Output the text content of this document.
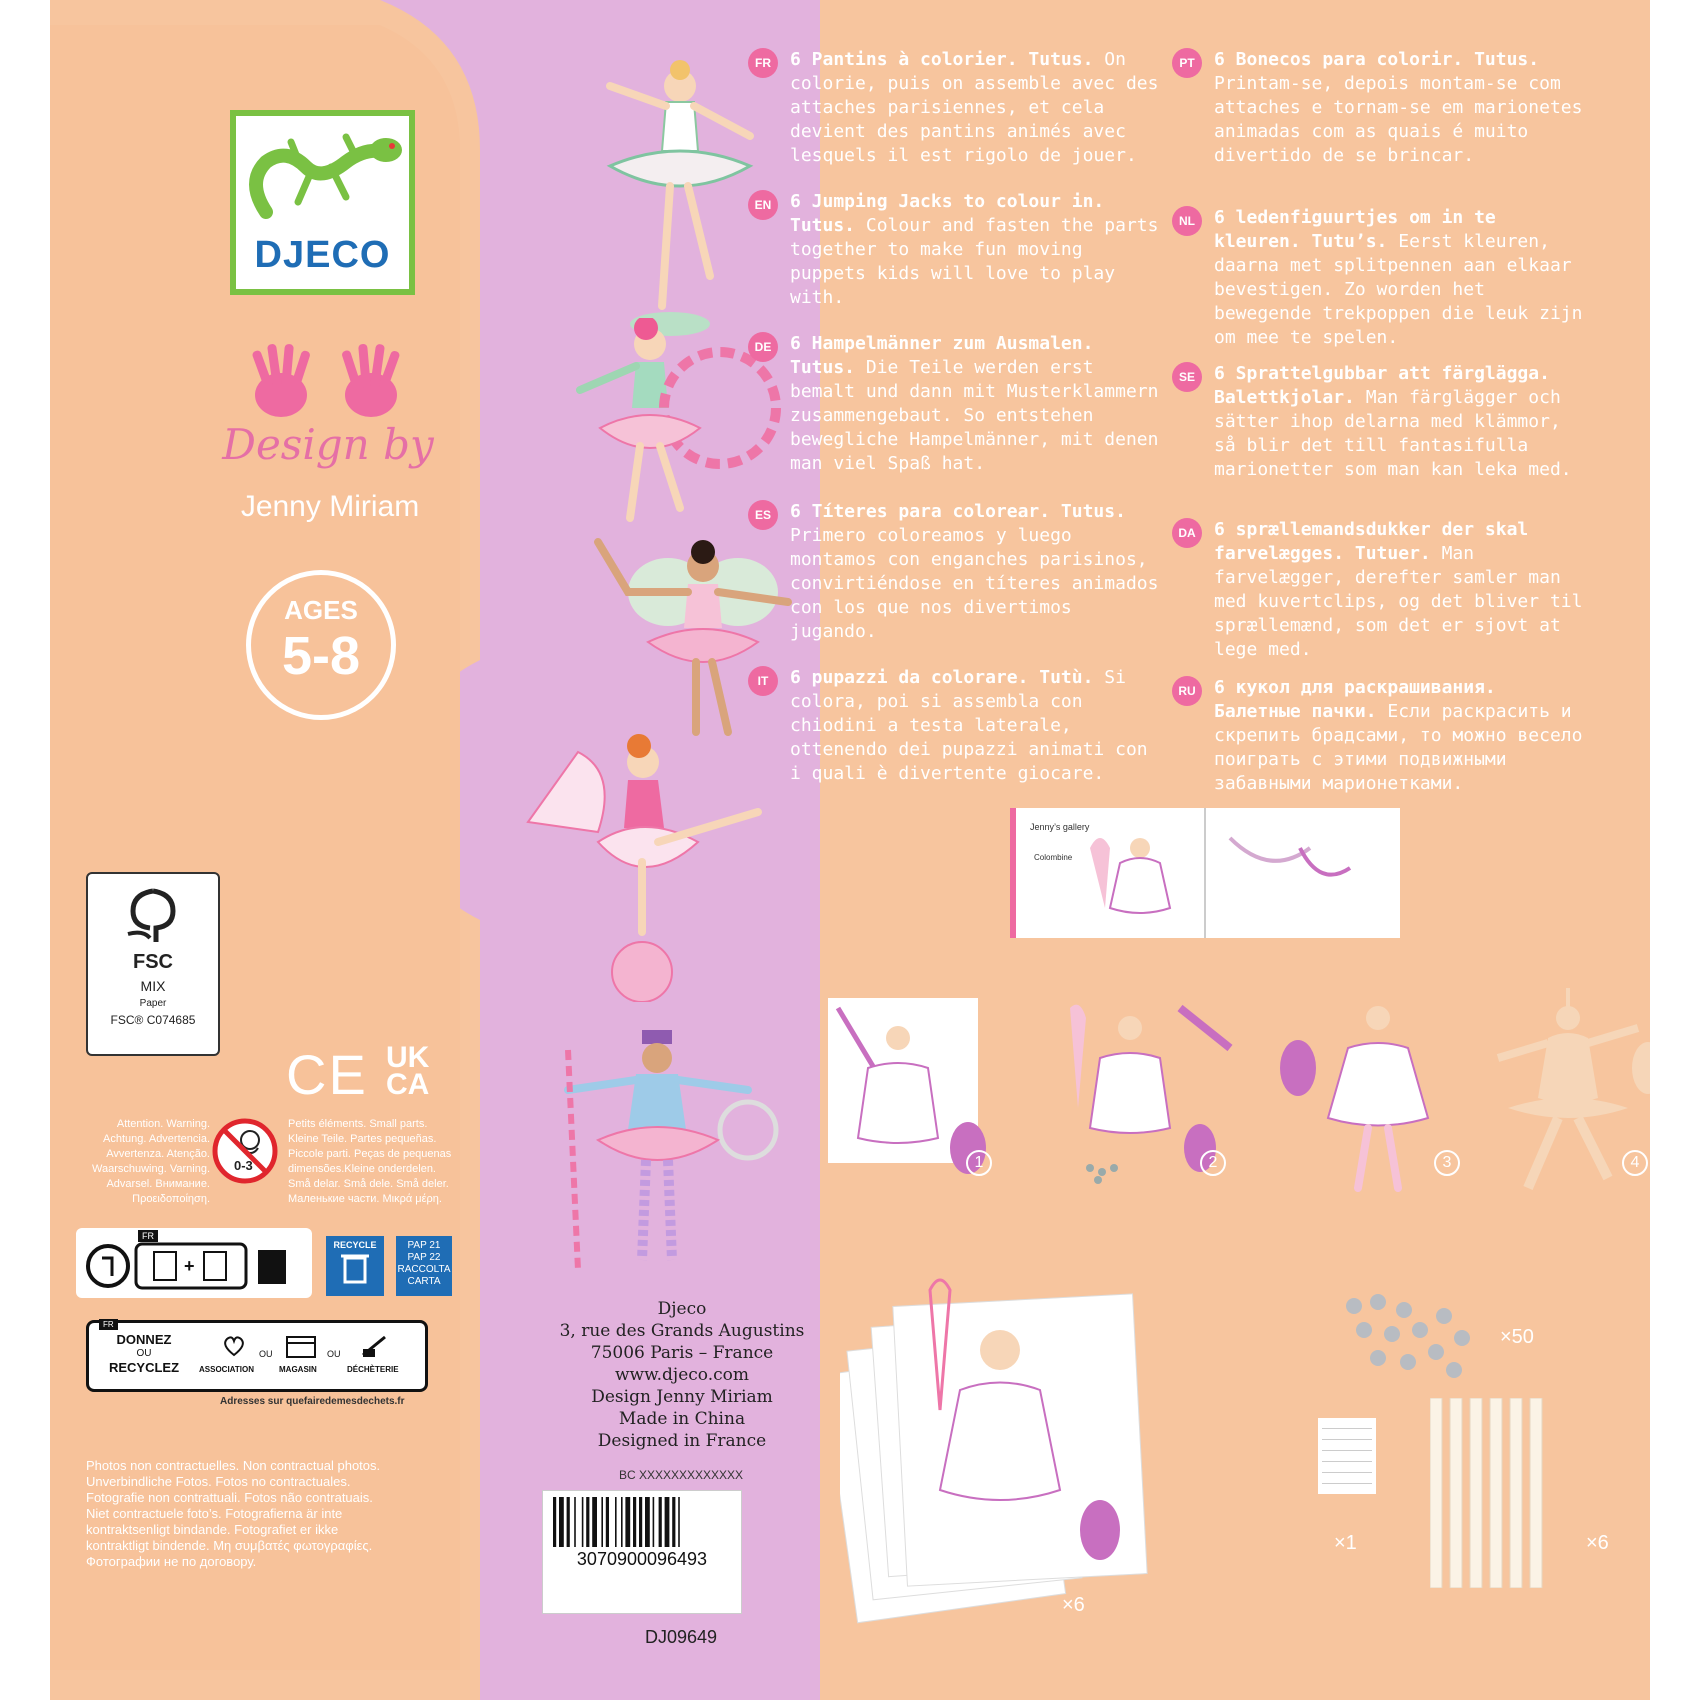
DJECO
Design by
Jenny Miriam
AGES
5-8
FSC
MIX
Paper
FSC® C074685
CE UK
CA
Attention. Warning.
Achtung. Advertencia.
Avvertenza. Atenção.
Waarschuwing. Varning.
Advarsel. Внимание.
Προειδοποίηση.
0-3
Petits éléments. Small parts.
Kleine Teile. Partes pequeñas.
Piccole parti. Peças de pequenas
dimensões.Kleine onderdelen.
Små delar. Små dele. Små deler.
Маленькие части. Μικρά μέρη.
FR
+
RECYCLE	PAP 21
PAP 22
RACCOLTA
CARTA
FR
DONNEZ
OU
RECYCLEZ
OU	OU
ASSOCIATION	MAGASIN	DÉCHÈTERIE
Adresses sur quefairedemesdechets.fr
Photos non contractuelles. Non contractual photos.
Unverbindliche Fotos. Fotos no contractuales.
Fotografie non contrattuali. Fotos não contratuais.
Niet contractuele foto’s. Fotografierna är inte
kontraktsenligt bindande. Fotografiet er ikke
kontraktligt bindende. Μη συμβατές φωτογραφίες.
Фотографии не по договору.
Djeco
3, rue des Grands Augustins
75006 Paris – France
www.djeco.com
Design Jenny Miriam
Made in China
Designed in France
BC XXXXXXXXXXXXX
3070900096493
DJ09649
Jenny’s gallery
Colombine
1	2	3	4
×6
×50
×1	×6
FR	6 Pantins à colorier. Tutus. On colorie, puis on assemble avec des attaches parisiennes, et cela devient des pantins animés avec lesquels il est rigolo de jouer.
EN	6 Jumping Jacks to colour in. Tutus. Colour and fasten the parts together to make fun moving puppets kids will love to play with.
DE	6 Hampelmänner zum Ausmalen. Tutus. Die Teile werden erst bemalt und dann mit Musterklammern zusammengebaut. So entstehen bewegliche Hampelmänner, mit denen man viel Spaß hat.
ES	6 Títeres para colorear. Tutus. Primero coloreamos y luego montamos con enganches parisinos, convirtiéndose en títeres animados con los que nos divertimos jugando.
IT	6 pupazzi da colorare. Tutù. Si colora, poi si assembla con chiodini a testa laterale, ottenendo dei pupazzi animati con i quali è divertente giocare.
PT	6 Bonecos para colorir. Tutus. Printam-se, depois montam-se com attaches e tornam-se em marionetes animadas com as quais é muito divertido de se brincar.
NL	6 ledenfiguurtjes om in te kleuren. Tutu’s. Eerst kleuren, daarna met splitpennen aan elkaar bevestigen. Zo worden het bewegende trekpoppen die leuk zijn om mee te spelen.
SE	6 Sprattelgubbar att färglägga. Balettkjolar. Man färglägger och sätter ihop delarna med klämmor, så blir det till fantasifulla marionetter som man kan leka med.
DA	6 sprællemandsdukker der skal farvelægges. Tutuer. Man farvelægger, derefter samler man med kuvertclips, og det bliver til sprællemænd, som det er sjovt at lege med.
RU	6 кукол для раскрашивания. Балетные пачки. Если раскрасить и скрепить брадсами, то можно весело поиграть с этими подвижными забавными марионетками.
